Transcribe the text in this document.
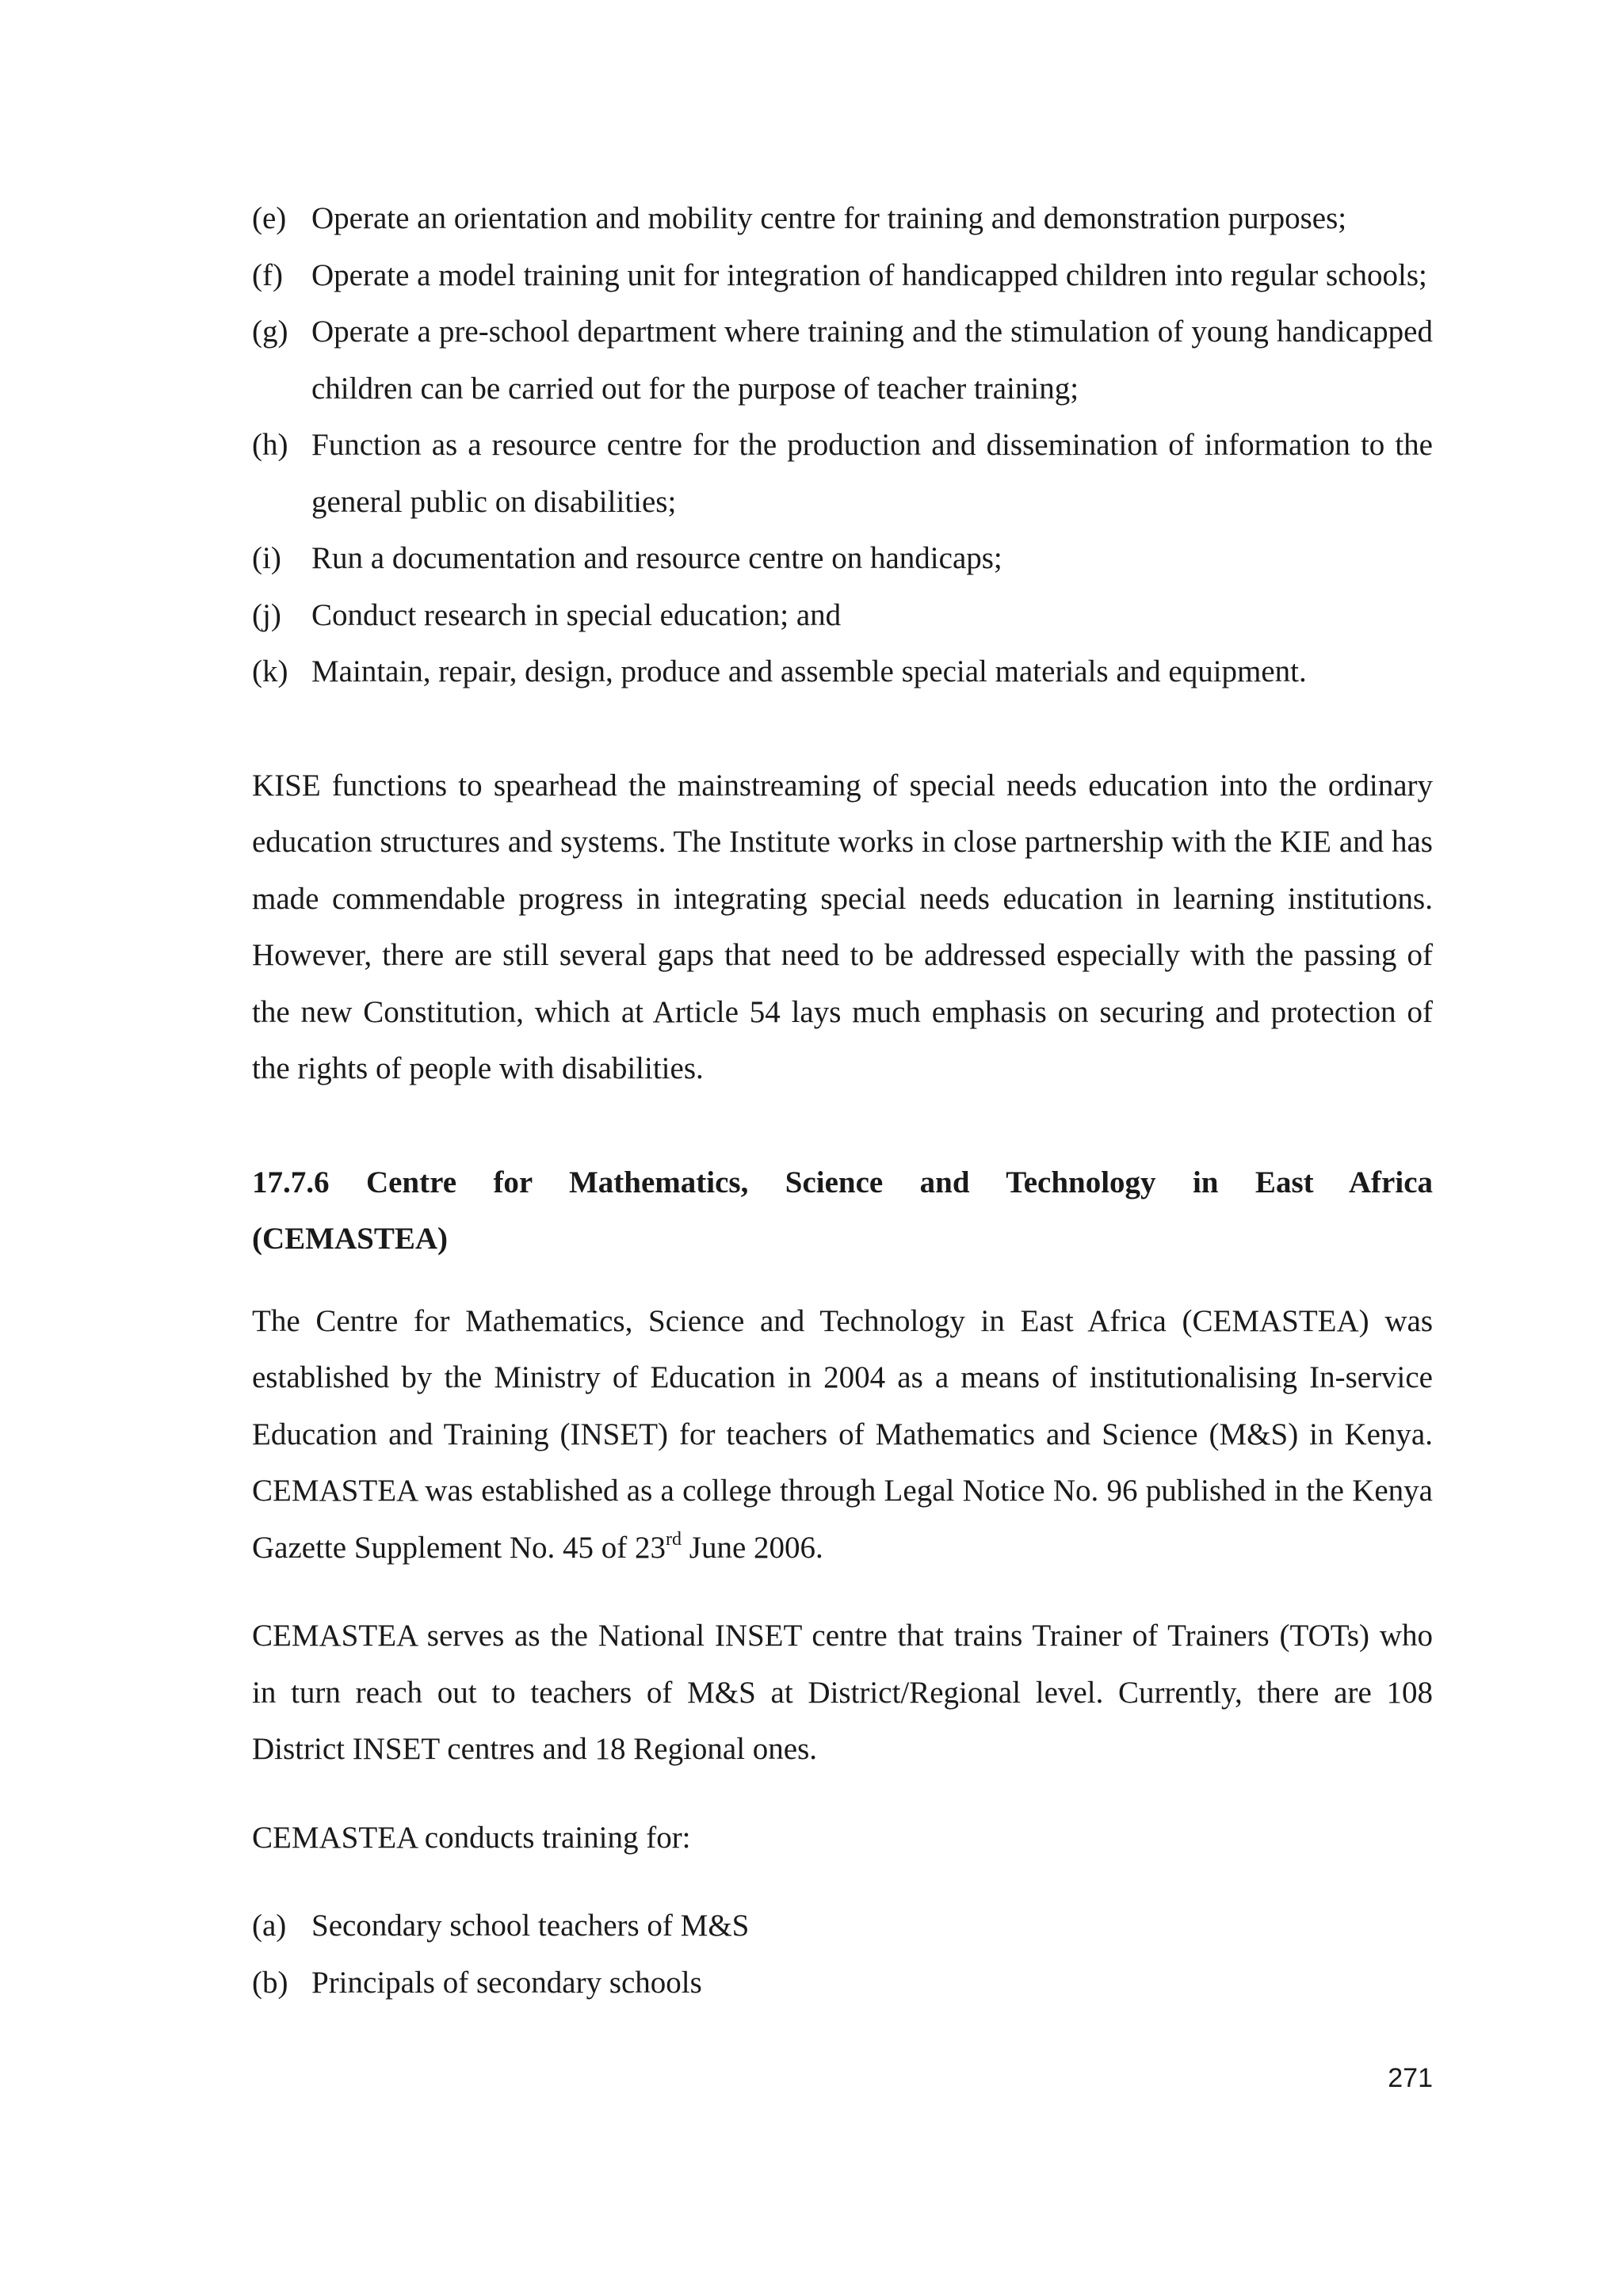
(e) Operate an orientation and mobility centre for training and demonstration purposes;
(f) Operate a model training unit for integration of handicapped children into regular schools;
(g) Operate a pre-school department where training and the stimulation of young handicapped children can be carried out for the purpose of teacher training;
(h) Function as a resource centre for the production and dissemination of information to the general public on disabilities;
(i) Run a documentation and resource centre on handicaps;
(j) Conduct research in special education; and
(k) Maintain, repair, design, produce and assemble special materials and equipment.

KISE functions to spearhead the mainstreaming of special needs education into the ordinary education structures and systems. The Institute works in close partnership with the KIE and has made commendable progress in integrating special needs education in learning institutions. However, there are still several gaps that need to be addressed especially with the passing of the new Constitution, which at Article 54 lays much emphasis on securing and protection of the rights of people with disabilities.

17.7.6 Centre for Mathematics, Science and Technology in East Africa
(CEMASTEA)

The Centre for Mathematics, Science and Technology in East Africa (CEMASTEA) was established by the Ministry of Education in 2004 as a means of institutionalising In-service Education and Training (INSET) for teachers of Mathematics and Science (M&S) in Kenya. CEMASTEA was established as a college through Legal Notice No. 96 published in the Kenya Gazette Supplement No. 45 of 23rd June 2006.

CEMASTEA serves as the National INSET centre that trains Trainer of Trainers (TOTs) who in turn reach out to teachers of M&S at District/Regional level. Currently, there are 108 District INSET centres and 18 Regional ones.

CEMASTEA conducts training for:

(a) Secondary school teachers of M&S
(b) Principals of secondary schools
271
